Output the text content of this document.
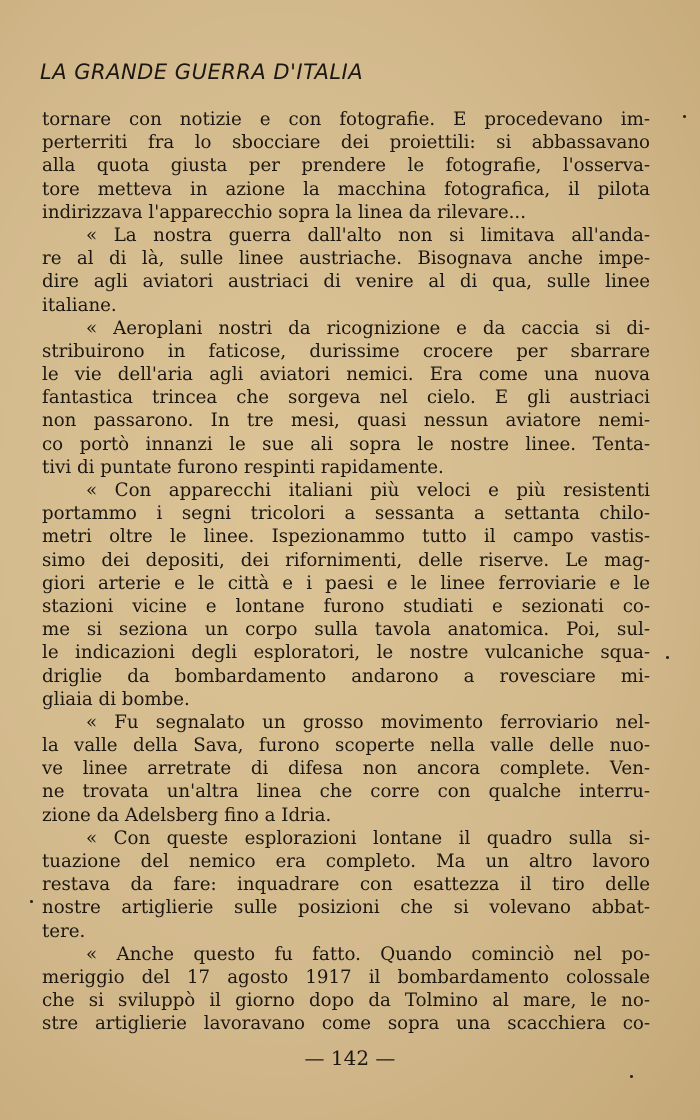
LA GRANDE GUERRA D'ITALIA
tornare con notizie e con fotografie. E procedevano im-
perterriti fra lo sbocciare dei proiettili: si abbassavano
alla quota giusta per prendere le fotografie, l'osserva-
tore metteva in azione la macchina fotografica, il pilota
indirizzava l'apparecchio sopra la linea da rilevare...
« La nostra guerra dall'alto non si limitava all'anda-
re al di là, sulle linee austriache. Bisognava anche impe-
dire agli aviatori austriaci di venire al di qua, sulle linee
italiane.
« Aeroplani nostri da ricognizione e da caccia si di-
stribuirono in faticose, durissime crocere per sbarrare
le vie dell'aria agli aviatori nemici. Era come una nuova
fantastica trincea che sorgeva nel cielo. E gli austriaci
non passarono. In tre mesi, quasi nessun aviatore nemi-
co portò innanzi le sue ali sopra le nostre linee. Tenta-
tivi di puntate furono respinti rapidamente.
« Con apparecchi italiani più veloci e più resistenti
portammo i segni tricolori a sessanta a settanta chilo-
metri oltre le linee. Ispezionammo tutto il campo vastis-
simo dei depositi, dei rifornimenti, delle riserve. Le mag-
giori arterie e le città e i paesi e le linee ferroviarie e le
stazioni vicine e lontane furono studiati e sezionati co-
me si seziona un corpo sulla tavola anatomica. Poi, sul-
le indicazioni degli esploratori, le nostre vulcaniche squa-
driglie da bombardamento andarono a rovesciare mi-
gliaia di bombe.
« Fu segnalato un grosso movimento ferroviario nel-
la valle della Sava, furono scoperte nella valle delle nuo-
ve linee arretrate di difesa non ancora complete. Ven-
ne trovata un'altra linea che corre con qualche interru-
zione da Adelsberg fino a Idria.
« Con queste esplorazioni lontane il quadro sulla si-
tuazione del nemico era completo. Ma un altro lavoro
restava da fare: inquadrare con esattezza il tiro delle
nostre artiglierie sulle posizioni che si volevano abbat-
tere.
« Anche questo fu fatto. Quando cominciò nel po-
meriggio del 17 agosto 1917 il bombardamento colossale
che si sviluppò il giorno dopo da Tolmino al mare, le no-
stre artiglierie lavoravano come sopra una scacchiera co-
— 142 —
